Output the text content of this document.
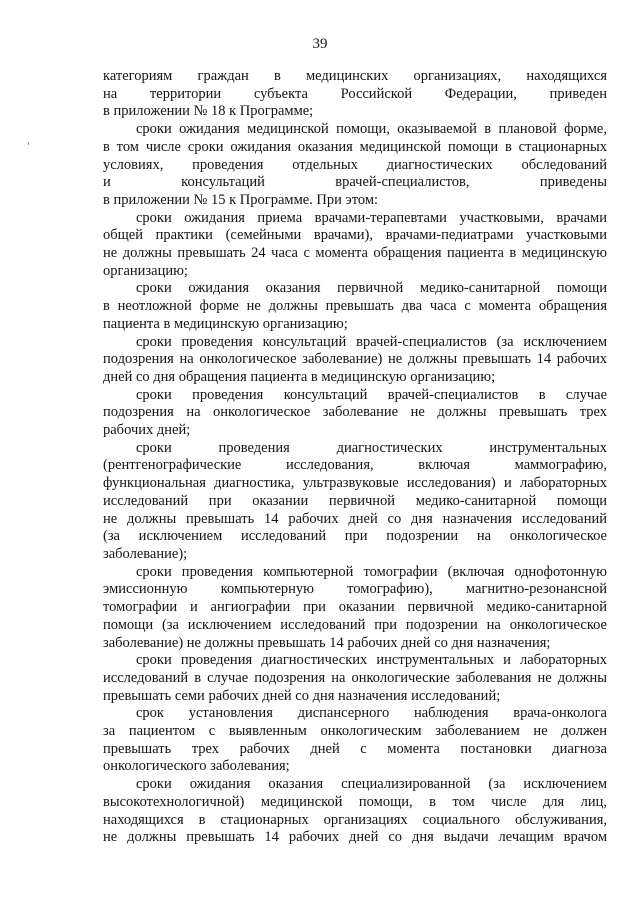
39

категориям граждан в медицинских организациях, находящихся
на территории субъекта Российской Федерации, приведен
в приложении № 18 к Программе;

сроки ожидания медицинской помощи, оказываемой в плановой форме,
в том числе сроки ожидания оказания медицинской помощи в стационарных
условиях, проведения отдельных диагностических обследований
и консультаций врачей-специалистов, приведены
в приложении № 15 к Программе. При этом:

сроки ожидания приема врачами-терапевтами участковыми, врачами
общей практики (семейными врачами), врачами-педиатрами участковыми
не должны превышать 24 часа с момента обращения пациента в медицинскую
организацию;

сроки ожидания оказания первичной медико-санитарной помощи
в неотложной форме не должны превышать два часа с момента обращения
пациента в медицинскую организацию;

сроки проведения консультаций врачей-специалистов (за исключением
подозрения на онкологическое заболевание) не должны превышать 14 рабочих
дней со дня обращения пациента в медицинскую организацию;

сроки проведения консультаций врачей-специалистов в случае
подозрения на онкологическое заболевание не должны превышать трех
рабочих дней;

сроки проведения диагностических инструментальных
(рентгенографические исследования, включая маммографию,
функциональная диагностика, ультразвуковые исследования) и лабораторных
исследований при оказании первичной медико-санитарной помощи
не должны превышать 14 рабочих дней со дня назначения исследований
(за исключением исследований при подозрении на онкологическое
заболевание);

сроки проведения компьютерной томографии (включая однофотонную
эмиссионную компьютерную томографию), магнитно-резонансной
томографии и ангиографии при оказании первичной медико-санитарной
помощи (за исключением исследований при подозрении на онкологическое
заболевание) не должны превышать 14 рабочих дней со дня назначения;

сроки проведения диагностических инструментальных и лабораторных
исследований в случае подозрения на онкологические заболевания не должны
превышать семи рабочих дней со дня назначения исследований;

срок установления диспансерного наблюдения врача-онколога
за пациентом с выявленным онкологическим заболеванием не должен
превышать трех рабочих дней с момента постановки диагноза
онкологического заболевания;

сроки ожидания оказания специализированной (за исключением
высокотехнологичной) медицинской помощи, в том числе для лиц,
находящихся в стационарных организациях социального обслуживания,
не должны превышать 14 рабочих дней со дня выдачи лечащим врачом
